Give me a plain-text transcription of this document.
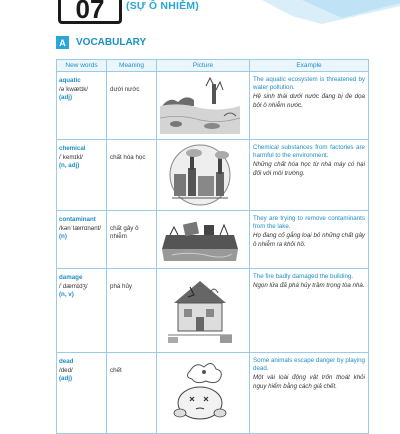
07 (SỰ Ô NHIỄM)
A	VOCABULARY
New words	Meaning	Picture	Example

aquatic
/əˈkwætɪk/
(adj)	dưới nước		The aquatic ecosystem is threatened by water pollution.
Hệ sinh thái dưới nước đang bị đe dọa bởi ô nhiễm nước.

chemical
/ˈkemɪkl/
(n, adj)	chất hóa học		Chemical substances from factories are harmful to the environment.
Những chất hóa học từ nhà máy có hại đối với môi trường.

contaminant
/kənˈtæmɪnənt/
(n)	chất gây ô nhiễm		They are trying to remove contaminants from the lake.
Họ đang cố gắng loại bỏ những chất gây ô nhiễm ra khỏi hồ.

damage
/ˈdæmɪdʒ/
(n, v)	phá hủy		The fire badly damaged the building.
Ngọn lửa đã phá hủy trầm trọng tòa nhà.

dead
/ded/
(adj)	chết		Some animals escape danger by playing dead.
Một vài loài động vật trốn thoát khỏi nguy hiểm bằng cách giả chết.
